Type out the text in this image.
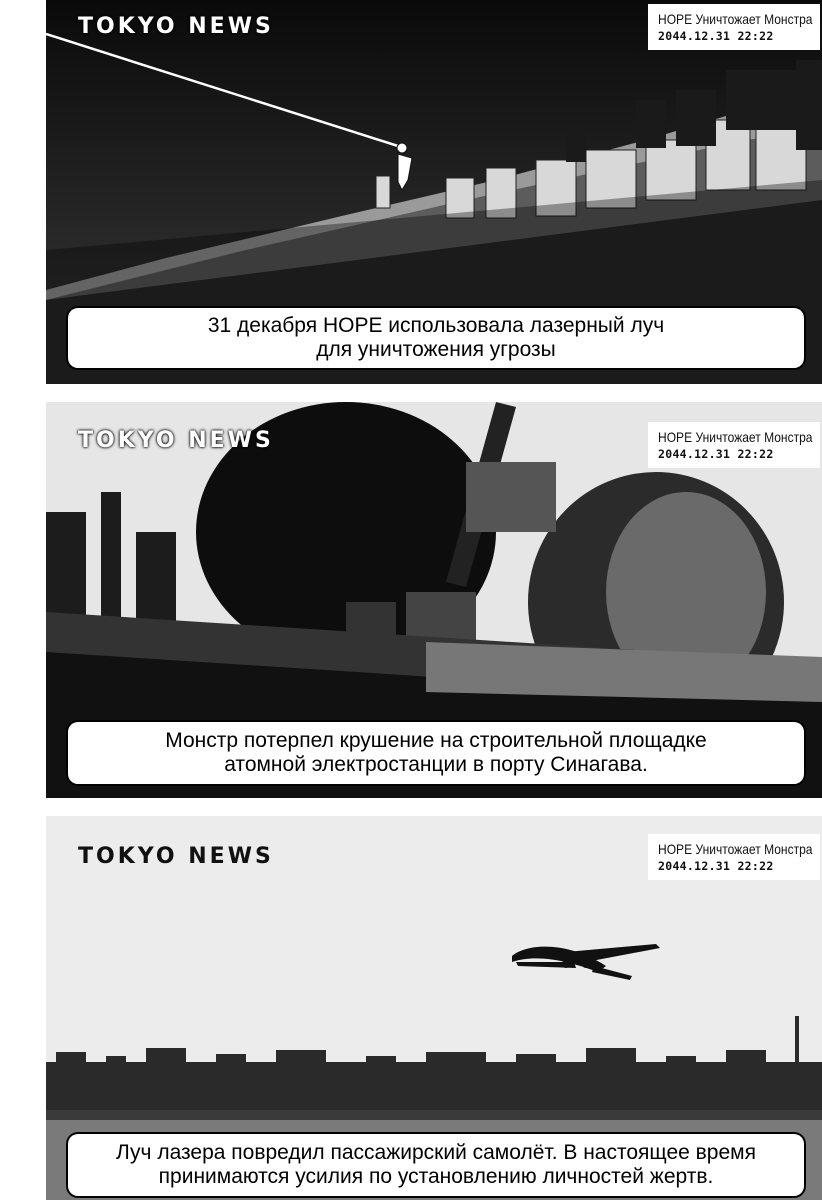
TOKYO NEWS	HOPE Уничтожает Монстра
2044.12.31 22:22
31 декабря HOPE использовала лазерный луч
для уничтожения угрозы
TOKYO NEWS	HOPE Уничтожает Монстра
2044.12.31 22:22
Монстр потерпел крушение на строительной площадке
атомной электростанции в порту Синагава.
TOKYO NEWS	HOPE Уничтожает Монстра
2044.12.31 22:22
Луч лазера повредил пассажирский самолёт. В настоящее время
принимаются усилия по установлению личностей жертв.
